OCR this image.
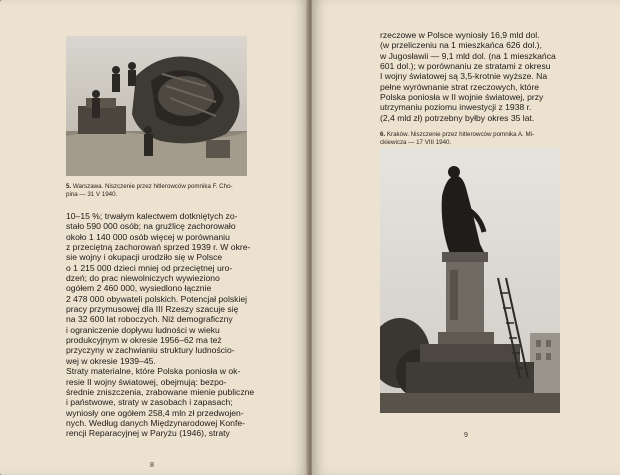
5. Warszawa. Niszczenie przez hitlerowców pomnika F. Cho-
pina — 31 V 1940.
10–15 %; trwałym kalectwem dotkniętych zo-
stało 590 000 osób; na gruźlicę zachorowało
około 1 140 000 osób więcej w porównaniu
z przeciętną zachorowań sprzed 1939 r. W okre-
sie wojny i okupacji urodziło się w Polsce
o 1 215 000 dzieci mniej od przeciętnej uro-
dzeń; do prac niewolniczych wywieziono
ogółem 2 460 000, wysiedlono łącznie
2 478 000 obywateli polskich. Potencjał polskiej
pracy przymusowej dla III Rzeszy szacuje się
na 32 600 lat roboczych. Niż demograficzny
i ograniczenie dopływu ludności w wieku
produkcyjnym w okresie 1956–62 ma też
przyczyny w zachwianiu struktury ludnościo-
wej w okresie 1939–45.
Straty materialne, które Polska poniosła w ok-
resie II wojny światowej, obejmują: bezpo-
średnie zniszczenia, zrabowane mienie publiczne
i państwowe, straty w zasobach i zapasach;
wyniosły one ogółem 258,4 mln zł przedwojen-
nych. Według danych Międzynarodowej Konfe-
rencji Reparacyjnej w Paryżu (1946), straty
8
rzeczowe w Polsce wyniosły 16,9 mld dol.
(w przeliczeniu na 1 mieszkańca 626 dol.),
w Jugosławii — 9,1 mld dol. (na 1 mieszkańca
601 dol.); w porównaniu ze stratami z okresu
I wojny światowej są 3,5-krotnie wyższe. Na
pełne wyrównanie strat rzeczowych, które
Polska poniosła w II wojnie światowej, przy
utrzymaniu poziomu inwestycji z 1938 r.
(2,4 mld zł) potrzebny byłby okres 35 lat.
6. Kraków. Niszczenie przez hitlerowców pomnika A. Mi-
ckiewicza — 17 VIII 1940.
9
